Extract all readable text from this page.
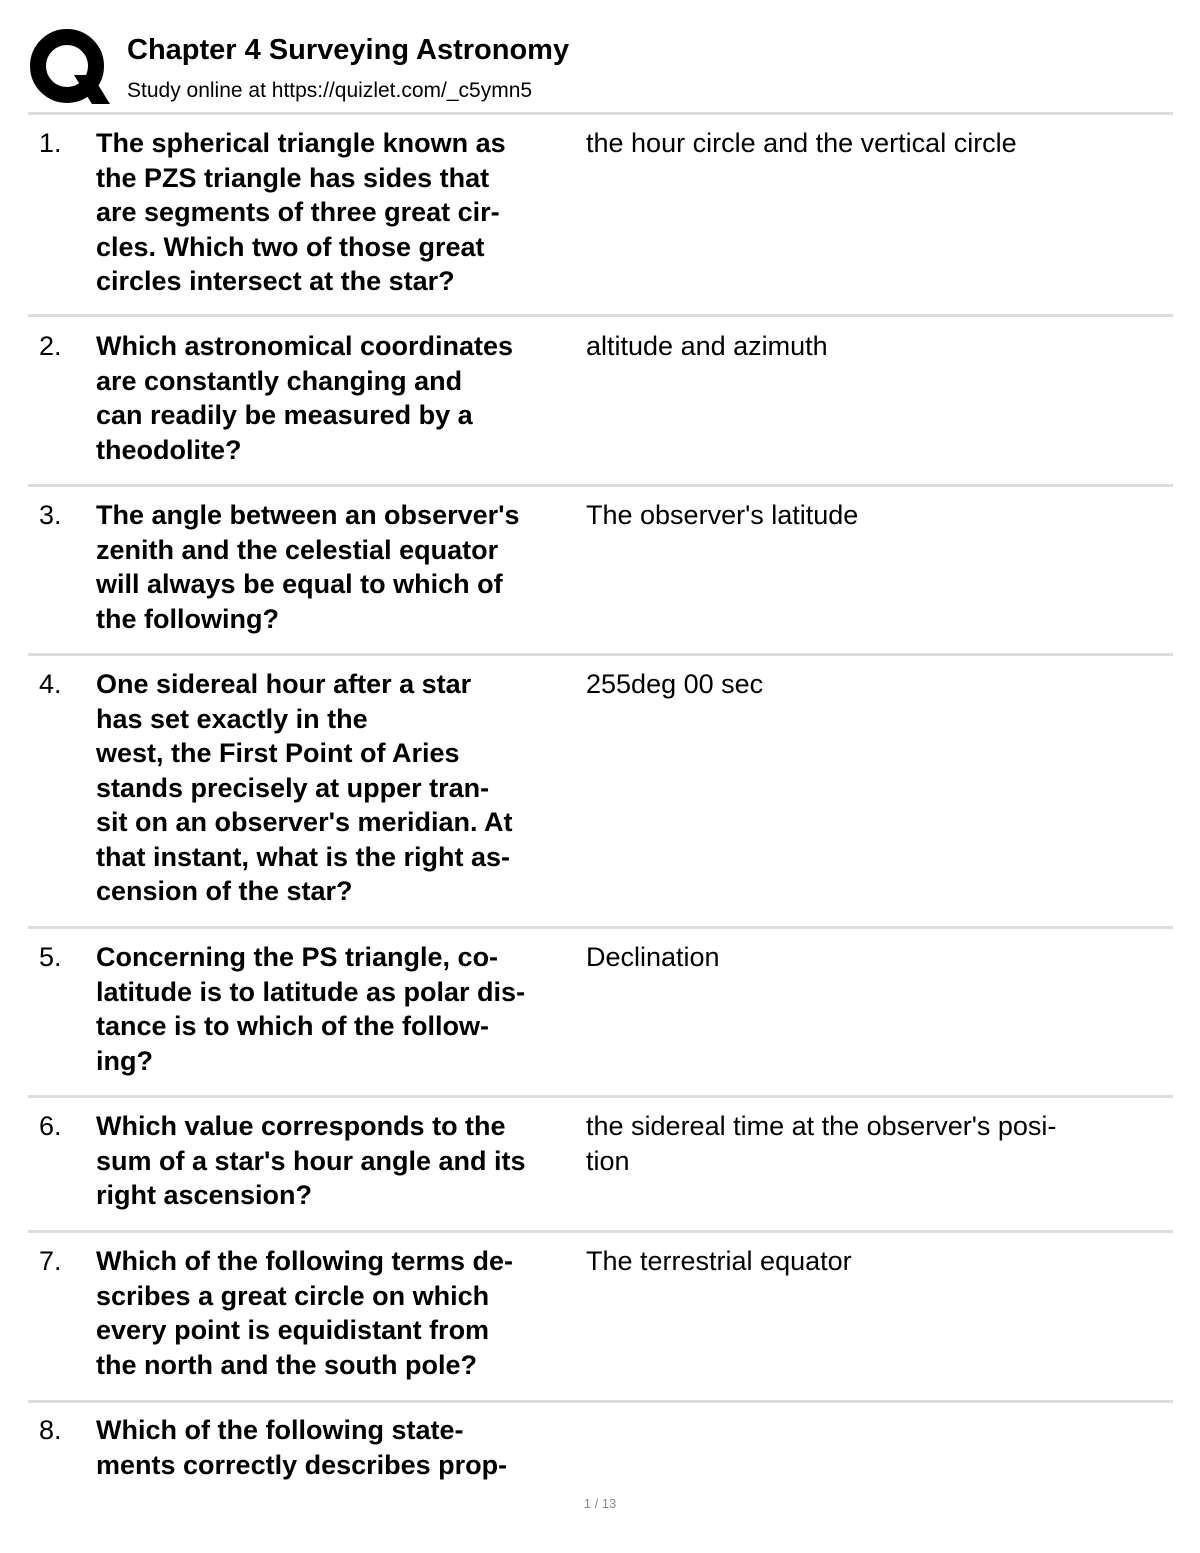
Chapter 4 Surveying Astronomy
Study online at https://quizlet.com/_c5ymn5
1. The spherical triangle known as
the PZS triangle has sides that
are segments of three great cir-
cles. Which two of those great
circles intersect at the star?
the hour circle and the vertical circle
2. Which astronomical coordinates
are constantly changing and
can readily be measured by a
theodolite?
altitude and azimuth
3. The angle between an observer's
zenith and the celestial equator
will always be equal to which of
the following?
The observer's latitude
4. One sidereal hour after a star
has set exactly in the
west, the First Point of Aries
stands precisely at upper tran-
sit on an observer's meridian. At
that instant, what is the right as-
cension of the star?
255deg 00 sec
5. Concerning the PS triangle, co-
latitude is to latitude as polar dis-
tance is to which of the follow-
ing?
Declination
6. Which value corresponds to the
sum of a star's hour angle and its
right ascension?
the sidereal time at the observer's posi-
tion
7. Which of the following terms de-
scribes a great circle on which
every point is equidistant from
the north and the south pole?
The terrestrial equator
8. Which of the following state-
ments correctly describes prop-
1 / 13
